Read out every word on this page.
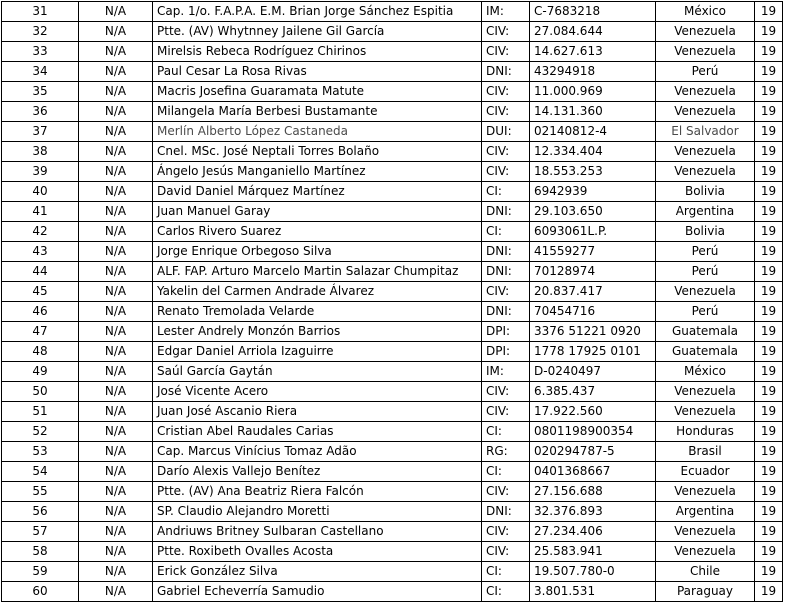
31	N/A	Cap. 1/o. F.A.P.A. E.M. Brian Jorge Sánchez Espitia	IM:	C-7683218	México	19
32	N/A	Ptte. (AV) Whytnney Jailene Gil García	CIV:	27.084.644	Venezuela	19
33	N/A	Mirelsis Rebeca Rodríguez Chirinos	CIV:	14.627.613	Venezuela	19
34	N/A	Paul Cesar La Rosa Rivas	DNI:	43294918	Perú	19
35	N/A	Macris Josefina Guaramata Matute	CIV:	11.000.969	Venezuela	19
36	N/A	Milangela María Berbesi Bustamante	CIV:	14.131.360	Venezuela	19
37	N/A	Merlín Alberto López Castaneda	DUI:	02140812-4	El Salvador	19
38	N/A	Cnel. MSc. José Neptali Torres Bolaño	CIV:	12.334.404	Venezuela	19
39	N/A	Ángelo Jesús Manganiello Martínez	CIV:	18.553.253	Venezuela	19
40	N/A	David Daniel Márquez Martínez	CI:	6942939	Bolivia	19
41	N/A	Juan Manuel Garay	DNI:	29.103.650	Argentina	19
42	N/A	Carlos Rivero Suarez	CI:	6093061L.P.	Bolivia	19
43	N/A	Jorge Enrique Orbegoso Silva	DNI:	41559277	Perú	19
44	N/A	ALF. FAP. Arturo Marcelo Martin Salazar Chumpitaz	DNI:	70128974	Perú	19
45	N/A	Yakelin del Carmen Andrade Álvarez	CIV:	20.837.417	Venezuela	19
46	N/A	Renato Tremolada Velarde	DNI:	70454716	Perú	19
47	N/A	Lester Andrely Monzón Barrios	DPI:	3376 51221 0920	Guatemala	19
48	N/A	Edgar Daniel Arriola Izaguirre	DPI:	1778 17925 0101	Guatemala	19
49	N/A	Saúl García Gaytán	IM:	D-0240497	México	19
50	N/A	José Vicente Acero	CIV:	6.385.437	Venezuela	19
51	N/A	Juan José Ascanio Riera	CIV:	17.922.560	Venezuela	19
52	N/A	Cristian Abel Raudales Carias	CI:	0801198900354	Honduras	19
53	N/A	Cap. Marcus Vinícius Tomaz Adão	RG:	020294787-5	Brasil	19
54	N/A	Darío Alexis Vallejo Benítez	CI:	0401368667	Ecuador	19
55	N/A	Ptte. (AV) Ana Beatriz Riera Falcón	CIV:	27.156.688	Venezuela	19
56	N/A	SP. Claudio Alejandro Moretti	DNI:	32.376.893	Argentina	19
57	N/A	Andriuws Britney Sulbaran Castellano	CIV:	27.234.406	Venezuela	19
58	N/A	Ptte. Roxibeth Ovalles Acosta	CIV:	25.583.941	Venezuela	19
59	N/A	Erick González Silva	CI:	19.507.780-0	Chile	19
60	N/A	Gabriel Echeverría Samudio	CI:	3.801.531	Paraguay	19
